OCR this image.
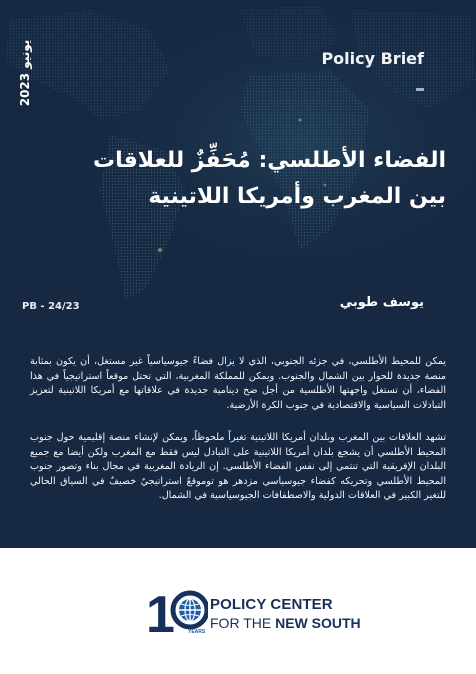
يونيو 2023	Policy Brief
الفضاء الأطلسي: مُحَفِّزٌ للعلاقات
بين المغرب وأمريكا اللاتينية
PB - 24/23	يوسف طوبي

يمكن للمحيط الأطلسي، في جزئه الجنوبي، الذي لا يزال فضاءً جيوسياسياً غير مستغل، أن يكون بمثابة منصة جديدة للحوار بين الشمال والجنوب. ويمكن للمملكة المغربية، التي تحتل موقعاً استراتيجياً في هذا الفضاء، أن تستغل واجهتها الأطلسية من أجل ضخ دينامية جديدة في علاقاتها مع أمريكا اللاتينية لتعزيز التبادلات السياسية والاقتصادية في جنوب الكرة الأرضية.

تشهد العلاقات بين المغرب وبلدان أمريكا اللاتينية تغيراً ملحوظاً، ويمكن لإنشاء منصة إقليمية حول جنوب المحيط الأطلسي أن يشجع بلدان أمريكا اللاتينية على التبادل ليس فقط مع المغرب ولكن أيضا مع جميع البلدان الإفريقية التي تنتمي إلى نفس الفضاء الأطلسي. إن الريادة المغربية في مجال بناء وتصور جنوب المحيط الأطلسي وتحريكه كفضاء جيوسياسي مزدهر هو توموقعٌ استراتيجيٌ خصيفٌ في السياق الحالي للتغير الكبير في العلاقات الدولية والاصطفافات الجيوسياسية في الشمال.

1	YEARS
POLICY CENTER
FOR THE NEW SOUTH
